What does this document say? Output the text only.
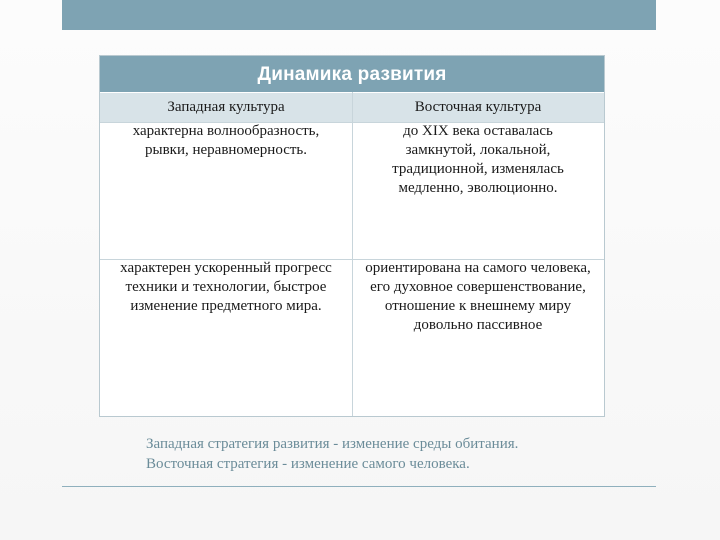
Динамика развития
Западная культура	Восточная культура
характерна волнообразность, рывки, неравномерность.
до XIX века оставалась замкнутой, локальной, традиционной, изменялась медленно, эволюционно.
характерен ускоренный прогресс техники и технологии, быстрое изменение предметного мира.
ориентирована на самого человека, его духовное совершенствование, отношение к внешнему миру довольно пассивное
Западная стратегия развития - изменение среды обитания.
Восточная стратегия - изменение самого человека.
